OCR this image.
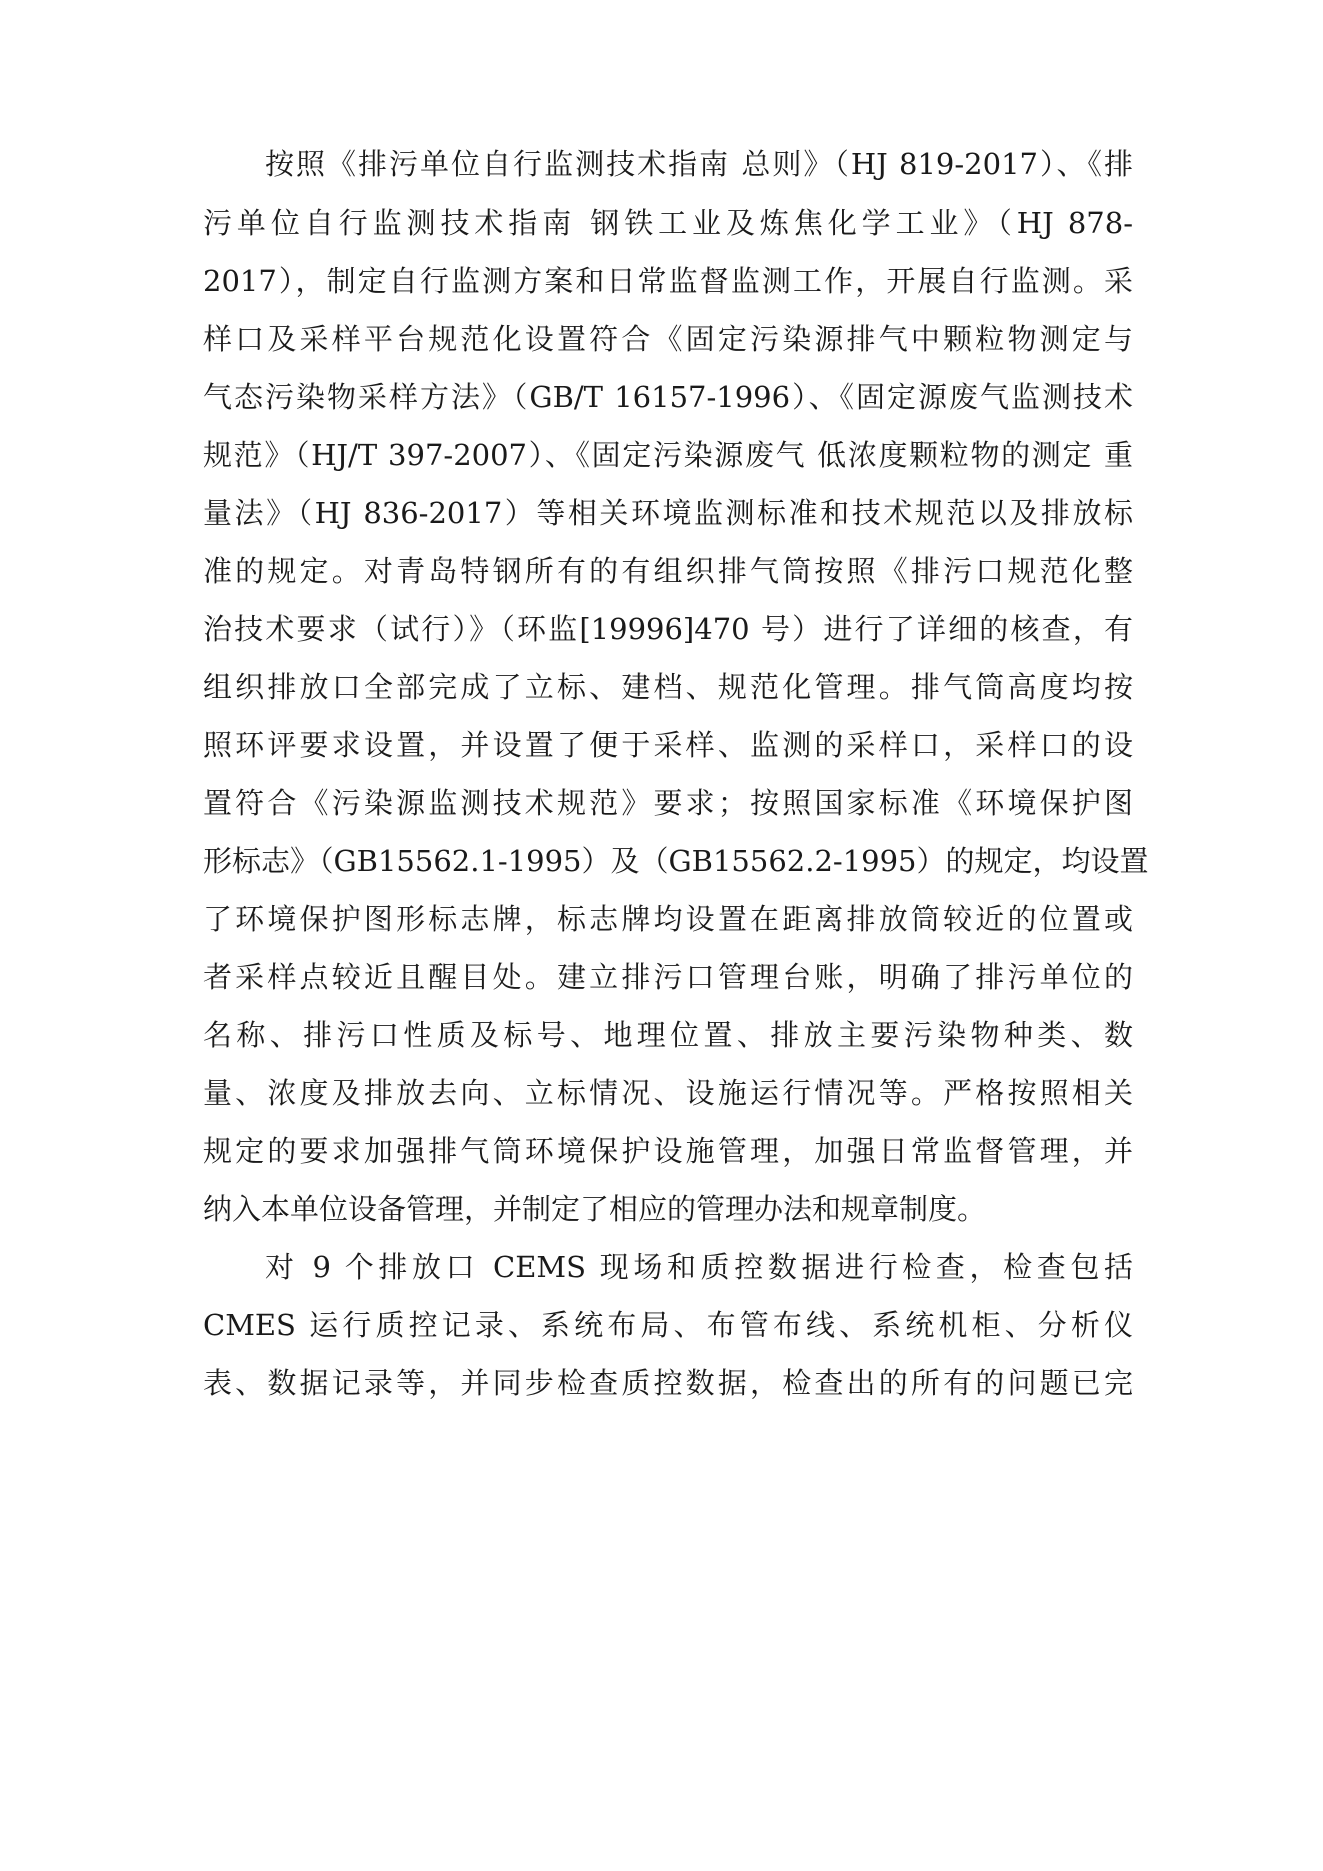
按照《排污单位自行监测技术指南 总则》（HJ 819-2017）、《排
污单位自行监测技术指南 钢铁工业及炼焦化学工业》（HJ 878-
2017），制定自行监测方案和日常监督监测工作，开展自行监测。采
样口及采样平台规范化设置符合《固定污染源排气中颗粒物测定与
气态污染物采样方法》（GB/T 16157-1996）、《固定源废气监测技术
规范》（HJ/T 397-2007）、《固定污染源废气 低浓度颗粒物的测定 重
量法》（HJ 836-2017）等相关环境监测标准和技术规范以及排放标
准的规定。对青岛特钢所有的有组织排气筒按照《排污口规范化整
治技术要求（试行）》（环监[19996]470 号）进行了详细的核查，有
组织排放口全部完成了立标、建档、规范化管理。排气筒高度均按
照环评要求设置，并设置了便于采样、监测的采样口，采样口的设
置符合《污染源监测技术规范》要求；按照国家标准《环境保护图
形标志》（GB15562.1-1995）及（GB15562.2-1995）的规定，均设置
了环境保护图形标志牌，标志牌均设置在距离排放筒较近的位置或
者采样点较近且醒目处。建立排污口管理台账，明确了排污单位的
名称、排污口性质及标号、地理位置、排放主要污染物种类、数
量、浓度及排放去向、立标情况、设施运行情况等。严格按照相关
规定的要求加强排气筒环境保护设施管理，加强日常监督管理，并
纳入本单位设备管理，并制定了相应的管理办法和规章制度。
对 9 个排放口 CEMS 现场和质控数据进行检查，检查包括
CMES 运行质控记录、系统布局、布管布线、系统机柜、分析仪
表、数据记录等，并同步检查质控数据，检查出的所有的问题已完
